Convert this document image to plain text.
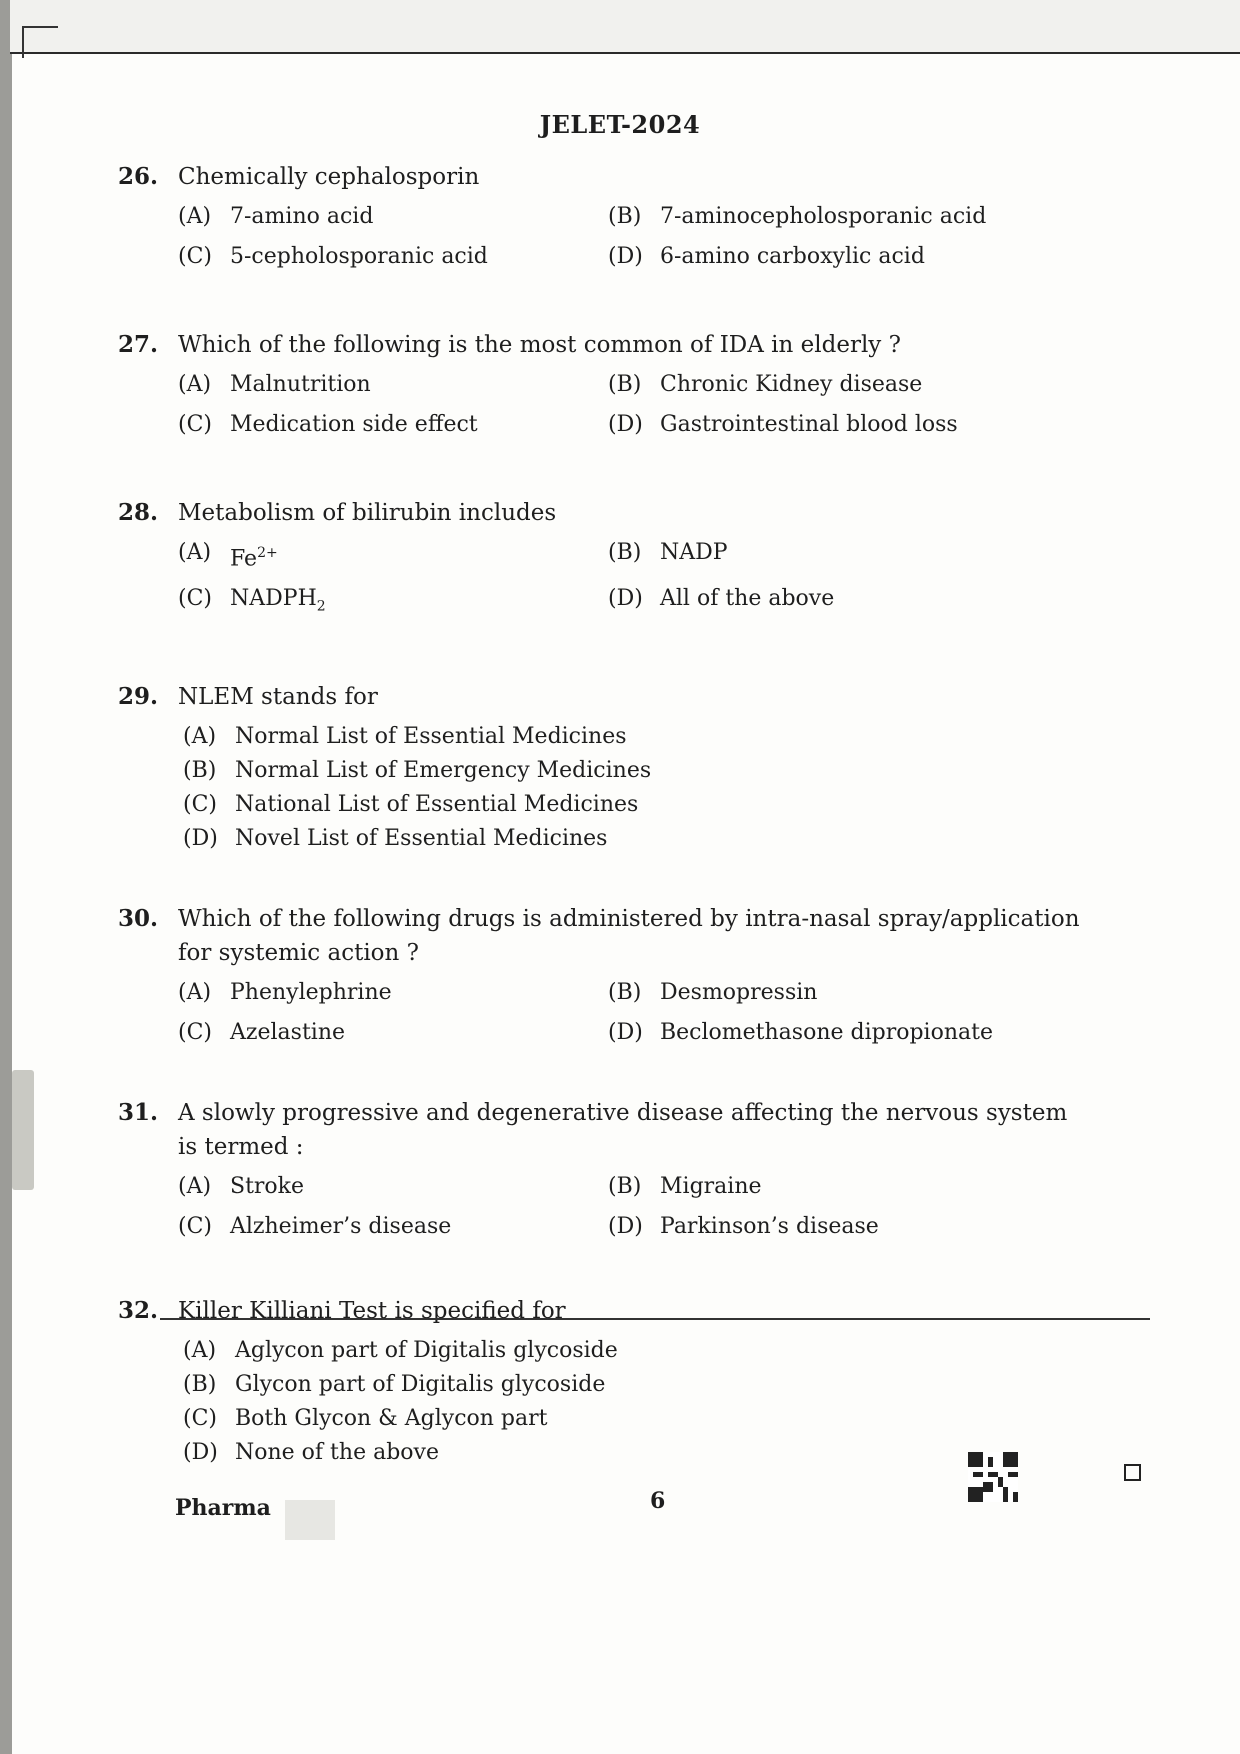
JELET-2024
26. Chemically cephalosporin
(A) 7-amino acid	(B) 7-aminocepholosporanic acid
(C) 5-cepholosporanic acid	(D) 6-amino carboxylic acid
27. Which of the following is the most common of IDA in elderly ?
(A) Malnutrition	(B) Chronic Kidney disease
(C) Medication side effect	(D) Gastrointestinal blood loss
28. Metabolism of bilirubin includes
(A) $Fe^{2+}$	(B) NADP
(C) $NADPH_2$	(D) All of the above
29. NLEM stands for
(A) Normal List of Essential Medicines
(B) Normal List of Emergency Medicines
(C) National List of Essential Medicines
(D) Novel List of Essential Medicines
30. Which of the following drugs is administered by intra-nasal spray/application
for systemic action ?
(A) Phenylephrine	(B) Desmopressin
(C) Azelastine	(D) Beclomethasone dipropionate
31. A slowly progressive and degenerative disease affecting the nervous system
is termed :
(A) Stroke	(B) Migraine
(C) Alzheimer’s disease	(D) Parkinson’s disease
32. Killer Killiani Test is specified for
(A) Aglycon part of Digitalis glycoside
(B) Glycon part of Digitalis glycoside
(C) Both Glycon & Aglycon part
(D) None of the above
Pharma	6
